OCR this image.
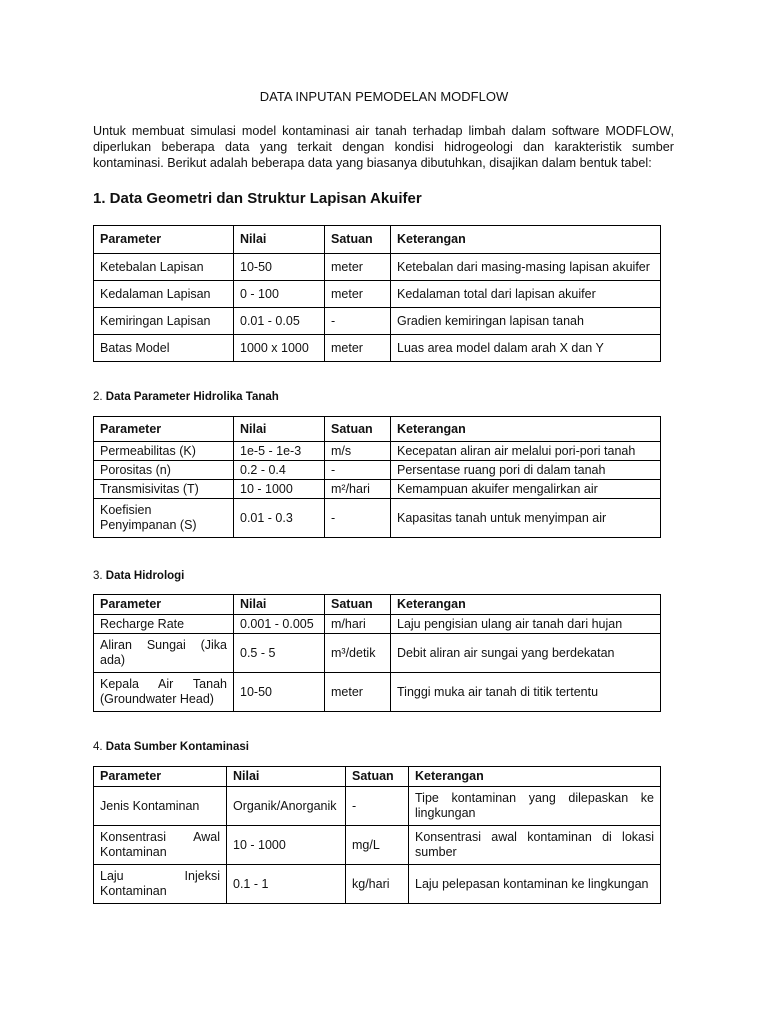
DATA INPUTAN PEMODELAN MODFLOW
Untuk membuat simulasi model kontaminasi air tanah terhadap limbah dalam software MODFLOW, diperlukan beberapa data yang terkait dengan kondisi hidrogeologi dan karakteristik sumber kontaminasi. Berikut adalah beberapa data yang biasanya dibutuhkan, disajikan dalam bentuk tabel:
1. Data Geometri dan Struktur Lapisan Akuifer
Parameter	Nilai	Satuan	Keterangan
Ketebalan Lapisan	10-50	meter	Ketebalan dari masing-masing lapisan akuifer
Kedalaman Lapisan	0 - 100	meter	Kedalaman total dari lapisan akuifer
Kemiringan Lapisan	0.01 - 0.05	-	Gradien kemiringan lapisan tanah
Batas Model	1000 x 1000	meter	Luas area model dalam arah X dan Y
2. Data Parameter Hidrolika Tanah
Parameter	Nilai	Satuan	Keterangan
Permeabilitas (K)	1e-5 - 1e-3	m/s	Kecepatan aliran air melalui pori-pori tanah
Porositas (n)	0.2 - 0.4	-	Persentase ruang pori di dalam tanah
Transmisivitas (T)	10 - 1000	m²/hari	Kemampuan akuifer mengalirkan air
Koefisien Penyimpanan (S)	0.01 - 0.3	-	Kapasitas tanah untuk menyimpan air
3. Data Hidrologi
Parameter	Nilai	Satuan	Keterangan
Recharge Rate	0.001 - 0.005	m/hari	Laju pengisian ulang air tanah dari hujan
Aliran Sungai (Jika ada)	0.5 - 5	m³/detik	Debit aliran air sungai yang berdekatan
Kepala Air Tanah (Groundwater Head)	10-50	meter	Tinggi muka air tanah di titik tertentu
4. Data Sumber Kontaminasi
Parameter	Nilai	Satuan	Keterangan
Jenis Kontaminan	Organik/Anorganik	-	Tipe kontaminan yang dilepaskan ke lingkungan
Konsentrasi Awal Kontaminan	10 - 1000	mg/L	Konsentrasi awal kontaminan di lokasi sumber
Laju Injeksi Kontaminan	0.1 - 1	kg/hari	Laju pelepasan kontaminan ke lingkungan
